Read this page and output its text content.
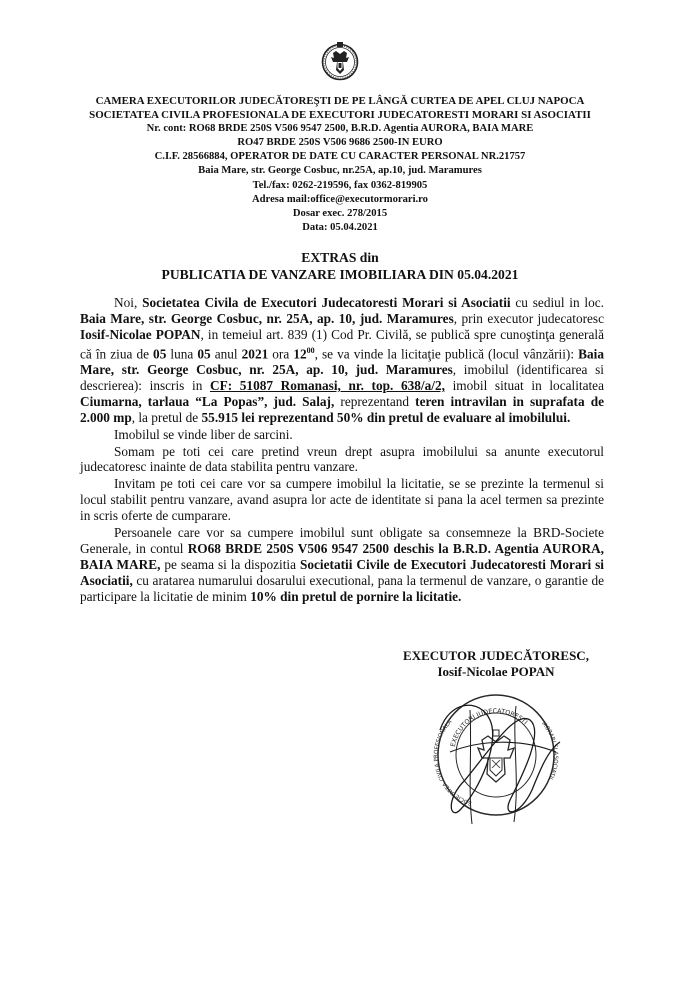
CAMERA EXECUTORILOR JUDECĂTOREŞTI DE PE LÂNGĂ CURTEA DE APEL CLUJ NAPOCA
SOCIETATEA CIVILA PROFESIONALA DE EXECUTORI JUDECATORESTI MORARI SI ASOCIATII
Nr. cont: RO68 BRDE 250S V506 9547 2500, B.R.D. Agentia AURORA, BAIA MARE
RO47 BRDE 250S V506 9686 2500-IN EURO
C.I.F. 28566884, OPERATOR DE DATE CU CARACTER PERSONAL NR.21757
Baia Mare, str. George Cosbuc, nr.25A, ap.10, jud. Maramures
Tel./fax: 0262-219596, fax 0362-819905
Adresa mail:office@executormorari.ro
Dosar exec. 278/2015
Data: 05.04.2021
EXTRAS din
PUBLICATIA DE VANZARE IMOBILIARA DIN 05.04.2021

Noi, Societatea Civila de Executori Judecatoresti Morari si Asociatii cu sediul in loc. Baia Mare, str. George Cosbuc, nr. 25A, ap. 10, jud. Maramures, prin executor judecatoresc Iosif-Nicolae POPAN, in temeiul art. 839 (1) Cod Pr. Civilă, se publică spre cunoştinţa generală că în ziua de 05 luna 05 anul 2021 ora $12^{00}$, se va vinde la licitaţie publică (locul vânzării): Baia Mare, str. George Cosbuc, nr. 25A, ap. 10, jud. Maramures, imobilul (identificarea si descrierea): inscris in CF: 51087 Romanasi, nr. top. 638/a/2, imobil situat in localitatea Ciumarna, tarlaua “La Popas”, jud. Salaj, reprezentand teren intravilan in suprafata de 2.000 mp, la pretul de 55.915 lei reprezentand 50% din pretul de evaluare al imobilului.

Imobilul se vinde liber de sarcini.

Somam pe toti cei care pretind vreun drept asupra imobilului sa anunte executorul judecatoresc inainte de data stabilita pentru vanzare.

Invitam pe toti cei care vor sa cumpere imobilul la licitatie, se se prezinte la termenul si locul stabilit pentru vanzare, avand asupra lor acte de identitate si pana la acel termen sa prezinte in scris oferte de cumparare.

Persoanele care vor sa cumpere imobilul sunt obligate sa consemneze la BRD-Societe Generale, in contul RO68 BRDE 250S V506 9547 2500 deschis la B.R.D. Agentia AURORA, BAIA MARE, pe seama si la dispozitia Societatii Civile de Executori Judecatoresti Morari si Asociatii, cu aratarea numarului dosarului executional, pana la termenul de vanzare, o garantie de participare la licitatie de minim 10% din pretul de pornire la licitatie.

EXECUTOR JUDECĂTORESC,
Iosif-Nicolae POPAN
EXECUTORI JUDECATORESTI
SOCIETATEA CIVILA PROFESIONALA	MORARI SI ASOCIATII
